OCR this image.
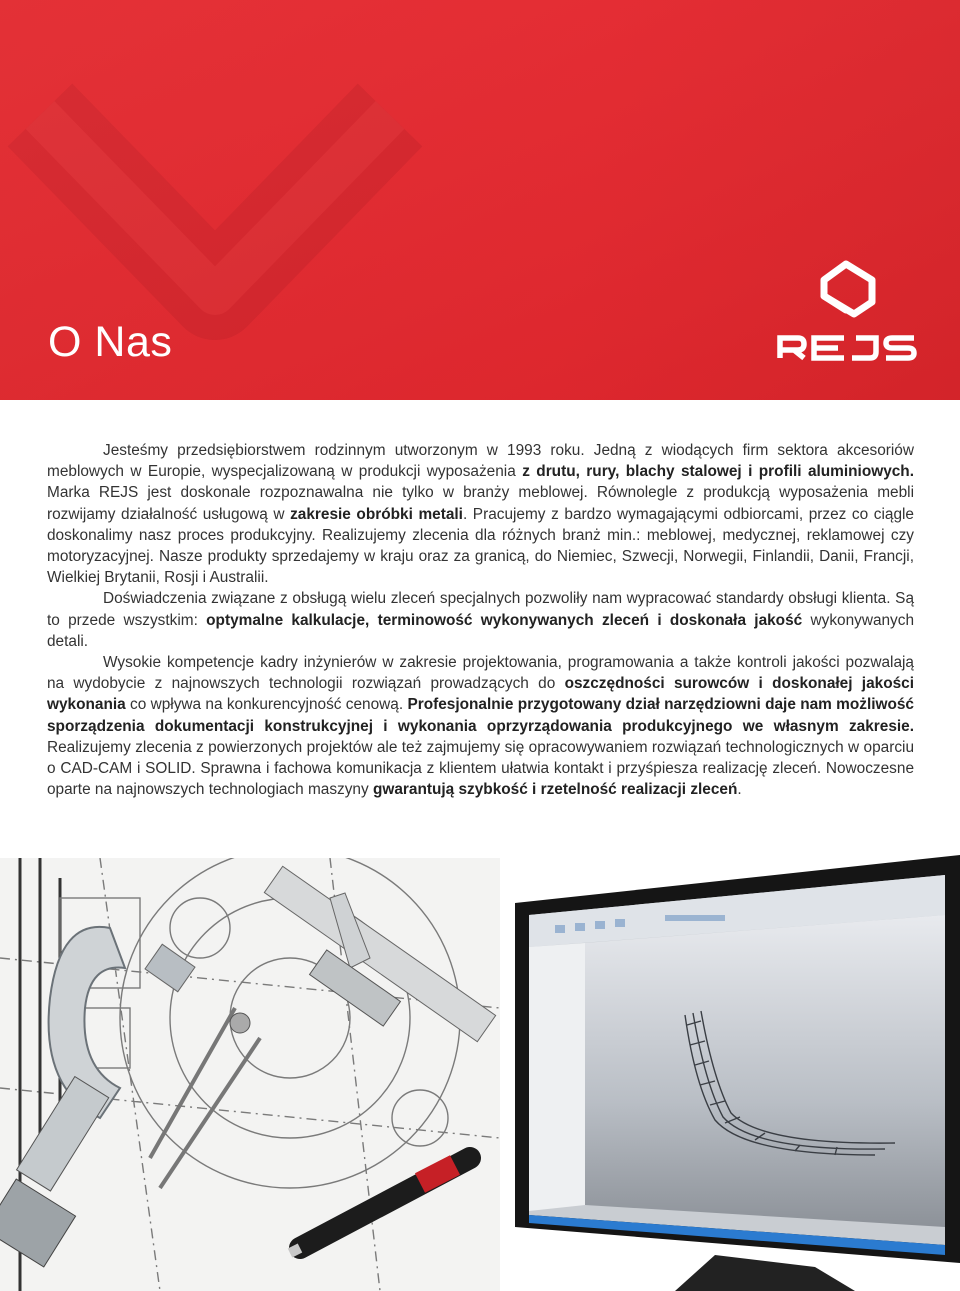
O Nas

Jesteśmy przedsiębiorstwem rodzinnym utworzonym w 1993 roku. Jedną z wiodących firm sektora akcesoriów meblowych w Europie, wyspecjalizowaną w produkcji wyposażenia z drutu, rury, blachy stalowej i profili aluminiowych. Marka REJS jest doskonale rozpoznawalna nie tylko w branży meblowej. Równolegle z produkcją wyposażenia mebli rozwijamy działalność usługową w zakresie obróbki metali. Pracujemy z bardzo wymagającymi odbiorcami, przez co ciągle doskonalimy nasz proces produkcyjny. Realizujemy zlecenia dla różnych branż min.: meblowej, medycznej, reklamowej czy motoryzacyjnej. Nasze produkty sprzedajemy w kraju oraz za granicą, do Niemiec, Szwecji, Norwegii, Finlandii, Danii, Francji, Wielkiej Brytanii, Rosji i Australii.

Doświadczenia związane z obsługą wielu zleceń specjalnych pozwoliły nam wypracować standardy obsługi klienta. Są to przede wszystkim: optymalne kalkulacje, terminowość wykonywanych zleceń i doskonała jakość wykonywanych detali.

Wysokie kompetencje kadry inżynierów w zakresie projektowania, programowania a także kontroli jakości pozwalają na wydobycie z najnowszych technologii rozwiązań prowadzących do oszczędności surowców i doskonałej jakości wykonania co wpływa na konkurencyjność cenową. Profesjonalnie przygotowany dział narzędziowni daje nam możliwość sporządzenia dokumentacji konstrukcyjnej i wykonania oprzyrządowania produkcyjnego we własnym zakresie. Realizujemy zlecenia z powierzonych projektów ale też zajmujemy się opracowywaniem rozwiązań technologicznych w oparciu o CAD-CAM i SOLID. Sprawna i fachowa komunikacja z klientem ułatwia kontakt i przyśpiesza realizację zleceń. Nowoczesne oparte na najnowszych technologiach maszyny gwarantują szybkość i rzetelność realizacji zleceń.
